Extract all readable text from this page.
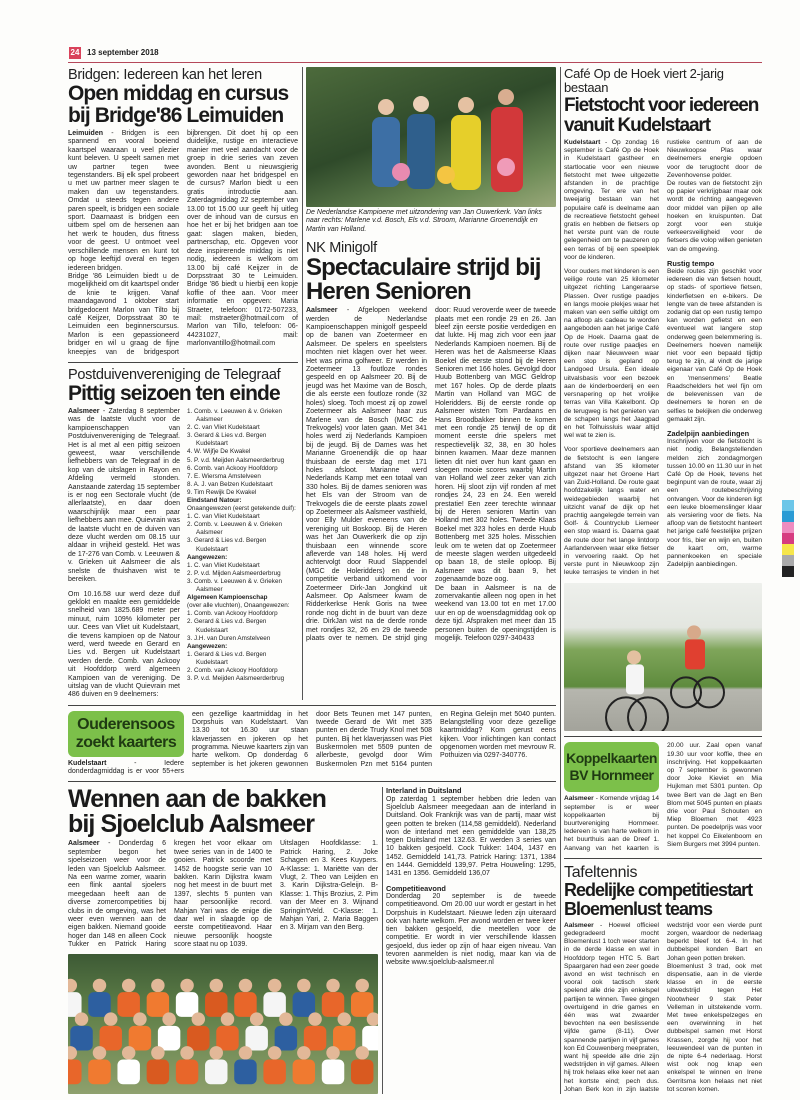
24 13 september 2018
Bridgen: Iedereen kan het leren
Open middag en cursus
bij Bridge'86 Leimuiden

Leimuiden - Bridgen is een spannend en vooral boeiend kaartspel waaraan u veel plezier kunt beleven. U speelt samen met uw partner tegen twee tegenstanders. Bij elk spel probeert u met uw partner meer slagen te maken dan uw tegenstanders. Omdat u steeds tegen andere paren speelt, is bridgen een sociale sport. Daarnaast is bridgen een uitbem spel om de hersenen aan het werk te houden, dus fitness voor de geest. U ontmoet veel verschillende mensen en kunt tot op hoge leeftijd overal en tegen iedereen bridgen.

Bridge '86 Leimuiden biedt u de mogelijkheid om dit kaartspel onder de knie te krijgen. Vanaf maandagavond 1 oktober start bridgedocent Marlon van Tilto bij café Keijzer, Dorpsstraat 30 te Leimuiden een beginnerscursus. Marlon is een gepassioneerd bridger en wil u graag de fijne kneepjes van de bridgesport bijbrengen. Dit doet hij op een duidelijke, rustige en interactieve manier met veel aandacht voor de groep in drie series van zeven avonden. Bent u nieuwsgierig geworden naar het bridgespel en de cursus? Marlon biedt u een gratis introductie aan. Zaterdagmiddag 22 september van 13.00 tot 15.00 uur geeft hij uitleg over de inhoud van de cursus en hoe het er bij het bridgen aan toe gaat: slagen maken, bieden, partnerschap, etc. Opgeven voor deze inspirerende middag is niet nodig, iedereen is welkom om 13.00 bij café Keijzer in de Dorpsstraat 30 te Leimuiden. Bridge '86 biedt u hierbij een kopje koffie of thee aan. Voor meer informatie en opgeven: Maria Straeter, telefoon: 0172-507233, mail: mstraeter@hotmail.com of Marlon van Tillo, telefoon: 06-44231027, mail: marlonvantillo@hotmail.com

Postduivenvereniging de Telegraaf
Pittig seizoen ten einde

Aalsmeer - Zaterdag 8 september was de laatste vlucht voor de kampioenschappen van Postduivenvereniging de Telegraaf. Het is al met al een pittig seizoen geweest, waar verschillende liefhebbers van de Telegraaf in de kop van de uitslagen in Rayon en Afdeling vermeld stonden. Aanstaande zaterdag 15 september is er nog een Sectorale vlucht (de allerlaatste), en daar doen waarschijnlijk maar een paar liefhebbers aan mee. Quievrain was de laatste vlucht en de duiven van deze vlucht werden om 08.15 uur aldaar in vrijheid gesteld. Het was de 17-276 van Comb. v. Leeuwen & v. Grieken uit Aalsmeer die als snelste de thuishaven wist te bereiken.

Om 10.16.58 uur werd deze duif geklokt en maakte een gemiddelde snelheid van 1825.689 meter per minuut, ruim 109% kilometer per uur. Cees van Vliet uit Kudelstaart, die tevens kampioen op de Natour werd, werd tweede en Gerard en Lies v.d. Bergen uit Kudelstaart werden derde. Comb. van Ackooy uit Hoofddorp werd algemeen Kampioen van de vereniging. De uitslag van de vlucht Quievrain met 486 duiven en 9 deelnemers:

1. Comb. v. Leeuwen & v. Grieken Aalsmeer
2. C. van Vliet Kudelstaart
3. Gerard & Lies v.d. Bergen Kudelstaart
4. W. Wijfje De Kwakel
5. P. v.d. Meijden Aalsmeerderbrug
6. Comb. van Ackooy Hoofddorp
7. E. Wiersma Amstelveen
8. A. J. van Belzen Kudelstaart
9. Tim Rewijk De Kwakel
Eindstand Natour:
Onaangewezen (eerst getekende duif):
1. C. van Vliet Kudelstaart
2. Comb. v. Leeuwen & v. Grieken Aalsmeer
3. Gerard & Lies v.d. Bergen Kudelstaart
Aangewezen:
1. C. van Vliet Kudelstaart
2. P. v.d. Mijden Aalsmeerderbrug
3. Comb. v. Leeuwen & v. Grieken Aalsmeer
Algemeen Kampioenschap
(over alle vluchten), Onaangewezen:
1. Comb. van Ackooy Hoofddorp
2. Gerard & Lies v.d. Bergen Kudelstaart
3. J.H. van Duren Amstelveen
Aangewezen:
1. Gerard & Lies v.d. Bergen Kudelstaart
2. Comb. van Ackooy Hoofddorp
3. P. v.d. Meijden Aalsmeerderbrug
De Nederlandse Kampioene met uitzondering van Jan Ouwerkerk. Van links naar rechts: Marlene v.d. Bosch, Els v.d. Stroom, Marianne Groenendijk en Martin van Holland.
NK Minigolf
Spectaculaire strijd bij
Heren Senioren

Aalsmeer - Afgelopen weekend werden de Nederlandse Kampioenschappen minigolf gespeeld op de banen van Zoetermeer en Aalsmeer. De spelers en speelsters mochten niet klagen over het weer. Het was prima golfweer. Er werden in Zoetermeer 13 foutloze rondes gespeeld en op Aalsmeer 20. Bij de jeugd was het Maxime van de Bosch, die als eerste een foutloze ronde (32 holes) sloeg. Toch moest zij op zowel Zoetermeer als Aalsmeer haar zus Marlene van de Bosch (MGC de Trekvogels) voor laten gaan. Met 341 holes werd zij Nederlands Kampioen bij de jeugd. Bij de Dames was het Marianne Groenendijk die op haar thuisbaan de eerste dag met 171 holes afsloot. Marianne werd Nederlands Kamp met een totaal van 330 holes. Bij de dames senioren was het Els van der Stroom van de Trekvogels die de eerste plaats zowel op Zoetermeer als Aalsmeer vasthield, voor Elly Mulder eveneens van de vereniging uit Boskoop. Bij de Heren was het Jan Ouwerkerk die op zijn thuisbaan een winnende score afleverde van 148 holes. Hij werd achtervolgt door Ruud Slappendel (MGC de Holeridders) en de in competitie verband uitkomend voor Zoetermeer Dirk-Jan Jongkind uit Aalsmeer. Op Aalsmeer kwam de Ridderkerkse Henk Goris na twee ronde nog dicht in de buurt van deze drie. DirkJan wist na de derde ronde met rondjes 32, 26 en 29 de tweede plaats over te nemen. De strijd ging door: Ruud veroverde weer de tweede plaats met een rondje 29 en 26. Jan bleef zijn eerste positie verdedigen en dat lukte. Hij mag zich voor een jaar Nederlands Kampioen noemen. Bij de Heren was het de Aalsmeerse Klaas Boekel die eerste stond bij de Heren Senioren met 166 holes. Gevolgd door Huub Bottenberg van MGC Geldrop met 167 holes. Op de derde plaats Martin van Holland van MGC de Holeridders. Bij de eerste ronde op Aalsmeer wisten Tom Pardaans en Hans Broodbakker binnen te komen met een rondje 25 terwijl de op dit moment eerste drie spelers met respectievelijk 32, 38, en 30 holes binnen kwamen. Maar deze mannen lieten dit niet over hun kant gaan en sloegen mooie scores waarbij Martin van Holland wel zeer zeker van zich horen. Hij sloot zijn vijf ronden af met rondjes 24, 23 en 24. Een wereld prestatie! Een zeer terechte winnaar bij de Heren senioren Martin van Holland met 302 holes. Tweede Klaas Boekel met 323 holes en derde Huub Bottenberg met 325 holes. Misschien leuk om te weten dat op Zoetermeer de meeste slagen werden uitgedeeld op baan 18, de steile oploop. Bij Aalsmeer was dit baan 9, het zogenaamde boze oog.

De baan in Aalsmeer is na de zomervakantie alleen nog open in het weekend van 13.00 tot en met 17.00 uur en op de woensdagmiddag ook op deze tijd. Afspraken met meer dan 15 personen buiten de openingstijden is mogelijk. Telefoon 0297-340433

Ouderensoos zoekt kaarters

Kudelstaart - Iedere donderdagmiddag is er voor 55+ers een gezellige kaartmiddag in het Dorpshuis van Kudelstaart. Van 13.30 tot 16.30 uur staan klaverjassen en jokeren op het programma. Nieuwe kaarters zijn van harte welkom. Op donderdag 6 september is het jokeren gewonnen door Bets Teunen met 147 punten, tweede Gerard de Wit met 335 punten en derde Trudy Knol met 508 punten. Bij het klaverjassen was Piet Buskermolen met 5509 punten de allerbeste, gevolgd door Wim Buskermolen Pzn met 5164 punten en Regina Geleijn met 5040 punten. Belangstelling voor deze gezellige kaartmiddag? Kom gerust eens kijken. Voor inlichtingen kan contact opgenomen worden met mevrouw R. Pothuizen via 0297-340776.

Wennen aan de bakken
bij Sjoelclub Aalsmeer

Aalsmeer - Donderdag 6 september begon het sjoelseizoen weer voor de leden van Sjoelclub Aalsmeer. Na een warme zomer, waarin een flink aantal sjoelers meegedaan heeft aan de diverse zomercompetities bij clubs in de omgeving, was het weer even wennen aan de eigen bakken. Niemand gooide hoger dan 148 en alleen Cock Tukker en Patrick Haring kregen het voor elkaar om twee series van in de 1400 te gooien. Patrick scoorde met 1452 de hoogste serie van 10 bakken. Karin Dijkstra kwam nog het meest in de buurt met 1397, slechts 5 punten van haar persoonlijke record. Mahjan Yari was de enige die daar wel in slaagde op de eerste competitieavond. Haar nieuwe persoonlijk hoogste score staat nu op 1039.

Uitslagen Hoofdklasse: 1. Patrick Haring, 2. Joke Schagen en 3. Kees Kuypers. A-Klasse: 1. Mariëtte van der Vlugt, 2. Theo van Leijden en 3. Karin Dijkstra-Geleijn. B-Klasse: 1. Thijs Brozius, 2. Pim van der Meer en 3. Wijnand Springin'tVeld. C-Klasse: 1. Mahjan Yari, 2. Maria Baggen en 3. Mirjam van den Berg.

Interland in Duitsland

Op zaterdag 1 september hebben drie leden van Sjoelclub Aalsmeer meegedaan aan de interland in Duitsland. Ook Frankrijk was van de partij, maar wist geen potten te breken (114,58 gemiddeld). Nederland won de interland met een gemiddelde van 138,25 tegen Duitsland met 132.63. Er werden 3 series van 10 bakken gesjoeld. Cock Tukker: 1404, 1437 en 1452. Gemiddeld 141,73. Patrick Haring: 1371, 1384 en 1444. Gemiddeld 139,97. Petra Houweling: 1295, 1431 en 1356. Gemiddeld 136,07

Competitieavond

Donderdag 20 september is de tweede competitieavond. Om 20.00 uur wordt er gestart in het Dorpshuis in Kudelstaart. Nieuwe leden zijn uiteraard ook van harte welkom. Per avond worden er twee keer tien bakken gesjoeld, die meetellen voor de competitie. Er wordt in vier verschillende klassen gesjoeld, dus ieder op zijn of haar eigen niveau. Van tevoren aanmelden is niet nodig, maar kan via de website www.sjoelclub-aalsmeer.nl

Café Op de Hoek viert 2-jarig bestaan
Fietstocht voor iedereen
vanuit Kudelstaart

Kudelstaart - Op zondag 16 september is Café Op de Hoek in Kudelstaart gastheer en startlocatie voor een nieuwe fietstocht met twee uitgezette afstanden in de prachtige omgeving. Ter ere van het tweejarig bestaan van het populaire café is deelname aan de recreatieve fietstocht geheel gratis en hebben de fietsers op het verste punt van de route gelegenheid om te pauzeren op een terras of bij een speelplek voor de kinderen.

Voor ouders met kinderen is een veilige route van 25 kilometer uitgezet richting Langeraarse Plassen. Over rustige paadjes en langs mooie plekjes waar het maken van een selfie uitdigt om na afloop als cadeau te worden aangeboden aan het jarige Café Op de Hoek. Daarna gaat de route over rustige paadjes en dijken naar Nieuwveen waar een stop is gepland op Landgoed Ursula. Een ideale uitvalsbasis voor een bezoek aan de kinderboerderij en een versnapering op het vrolijke terras van Villa Kakelbont. Op de terugweg is het genieten van de schapen langs het Jaagpad en het Tolhuissluis waar altijd wel wat te zien is.

Voor sportieve deelnemers aan de fietstocht is een langere afstand van 35 kilometer uitgezet naar het Groene Hart van Zuid-Holland. De route gaat hoofdzakelijk langs water en weidegebieden waarbij het uitzicht vanaf de dijk op het prachtig aangelegde terrein van Golf- & Countryclub Liemeer een stop waard is. Daarna gaat de route door het lange lintdorp Aarlanderveen waar elke fietser in vervoering raakt. Op het verste punt in Nieuwkoop zijn leuke terrasjes te vinden in het rustieke centrum of aan de Nieuwkoopse Plas waar deelnemers energie opdoen voor de terugtocht door de Zevenhovense polder.

De routes van de fietstocht zijn op papier verkrijgbaar maar ook wordt de richting aangegeven door middel van pijlen op alle hoeken en kruispunten. Dat zorgt voor een stukje verkeersveiligheid voor de fietsers die volop willen genieten van de omgeving.

Rustig tempo

Beide routes zijn geschikt voor iedereen die van fietsen houdt, op stads- of sportieve fietsen, kinderfietsen en e-bikers. De lengte van de twee afstanden is zodanig dat op een rustig tempo kan worden gefietst en een eventueel wat langere stop onderweg geen belemmering is. Deelnemers hoeven namelijk niet voor een bepaald tijdtip terug te zijn, al vindt de jarige eigenaar van Café Op de Hoek en 'mensenmens' Beatle Raadschelders het wel fijn om de belevenissen van de deelnemers te horen en de selfies te bekijken die onderweg gemaakt zijn.

Zadelpijn aanbiedingen

Inschrijven voor de fietstocht is niet nodig. Belangstellenden melden zich zondagmorgen tussen 10.00 en 11.30 uur in het Café Op de Hoek, tevens het beginpunt van de route, waar zij een routebeschrijving ontvangen. Voor de kinderen ligt een leuke bloemenslinger klaar als versiering voor de fiets. Na afloop van de fietstocht hanteert het jarige café feestelijke prijzen voor fris, bier en wijn en, buiten de kaart om, warme pannenkoeken en speciale Zadelpijn aanbiedingen.

Koppelkaarten BV Hornmeer

Aalsmeer - Komende vrijdag 14 september is er weer koppelkaarten bij buurtvereniging Hornmeer. Iedereen is van harte welkom in het buurthuis aan de Dreef 1. Aanvang van het kaarten is 20.00 uur. Zaal open vanaf 19.30 uur voor koffie, thee en inschrijving. Het koppelkaarten op 7 september is gewonnen door Joke Kieviet en Mia Hujkman met 5301 punten. Op twee Bert van de Jagt en Ben Blom met 5045 punten en plaats drie voor Paul Schouten en Miep Bloemen met 4923 punten. De poedelprijs was voor het koppel Co Eikelenboom en Siem Burgers met 3994 punten.

Tafeltennis
Redelijke competitiestart
Bloemenlust teams

Aalsmeer - Hoewel officieel gedegradeerd mocht Bloemenlust 1 toch weer starten in de derde klasse en wel in Hoofddorp tegen HTC 5. Bart Spaargaren had een zeer goede avond en wist technisch en vooral ook tactisch sterk spelend alle drie zijn enkelspel partijen te winnen. Twee gingen overtuigend in drie games en één was wat zwaarder bevochten na een beslissende vijfde game (8-11). Over spannende partijen in vijf games kon Ed Couwenberg meepraten, want hij speelde alle drie zijn wedstrijden in vijf games. Alleen hij trok helaas elke keer net aan het kortste eind; pech dus. Johan Berk kon in zijn laatste wedstrijd voor een vierde punt zorgen, waardoor de nederlaag beperkt bleef tot 6-4. In het dubbelspel konden Bart en Johan geen potten breken.

Bloemenlust 3 trad, ook met dispensatie, aan in de vierde klasse en in de eerste uitwedstrijd tegen Het Nootwheer 9 stak Peter Velleman in uitstekende vorm. Met twee enkelspelzeges en een overwinning in het dubbelspel samen met Horst Krassen, zorgde hij voor het leeuwendeel van de punten in de nipte 6-4 nederlaag. Horst wist ook nog knap een enkelspel te winnen en Irene Gerritsma kon helaas net niet tot scoren komen.
